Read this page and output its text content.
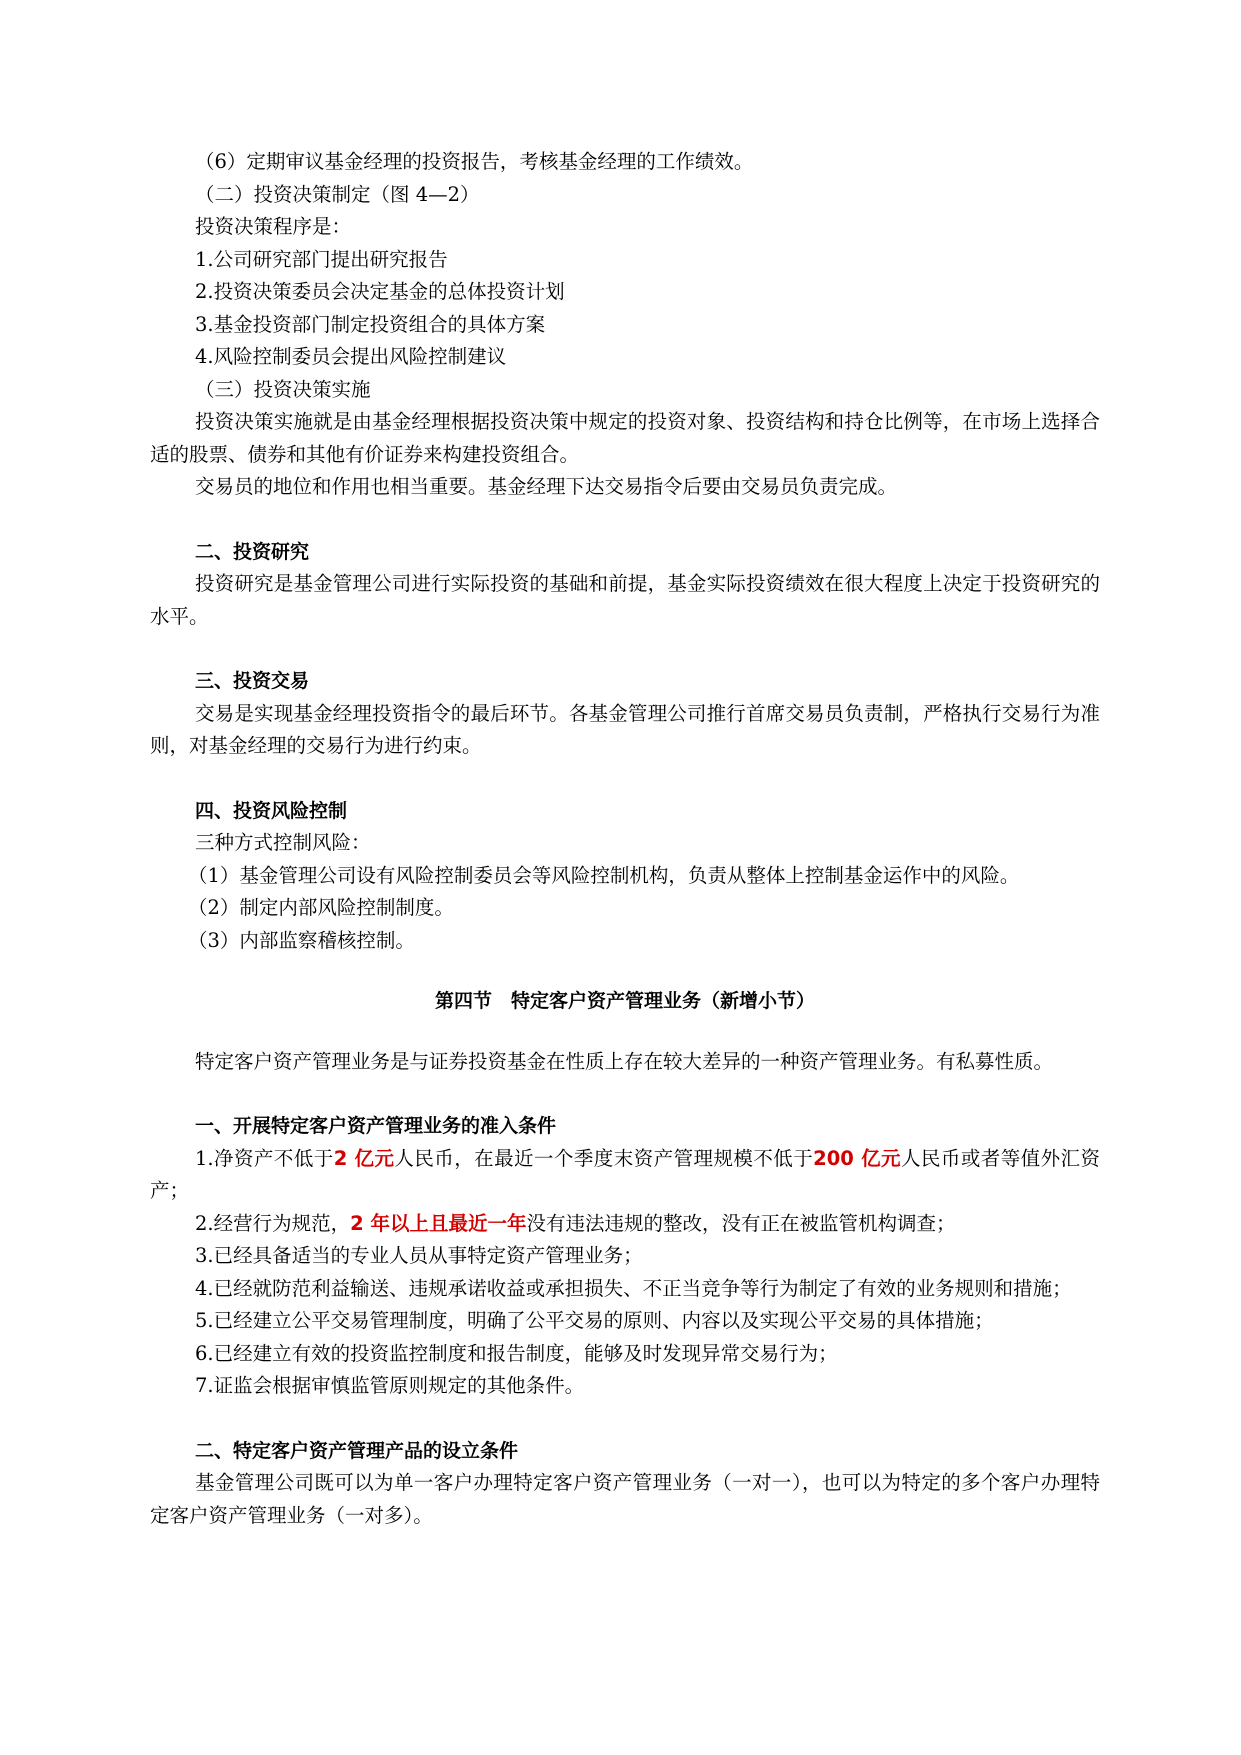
（6）定期审议基金经理的投资报告，考核基金经理的工作绩效。

（二）投资决策制定（图 4—2）

投资决策程序是：

1.公司研究部门提出研究报告

2.投资决策委员会决定基金的总体投资计划

3.基金投资部门制定投资组合的具体方案

4.风险控制委员会提出风险控制建议

（三）投资决策实施

投资决策实施就是由基金经理根据投资决策中规定的投资对象、投资结构和持仓比例等，在市场上选择合适的股票、债券和其他有价证券来构建投资组合。

交易员的地位和作用也相当重要。基金经理下达交易指令后要由交易员负责完成。

二、投资研究

投资研究是基金管理公司进行实际投资的基础和前提，基金实际投资绩效在很大程度上决定于投资研究的水平。

三、投资交易

交易是实现基金经理投资指令的最后环节。各基金管理公司推行首席交易员负责制，严格执行交易行为准则，对基金经理的交易行为进行约束。

四、投资风险控制

三种方式控制风险：

（1）基金管理公司设有风险控制委员会等风险控制机构，负责从整体上控制基金运作中的风险。

（2）制定内部风险控制制度。

（3）内部监察稽核控制。

第四节　特定客户资产管理业务（新增小节）

特定客户资产管理业务是与证券投资基金在性质上存在较大差异的一种资产管理业务。有私募性质。

一、开展特定客户资产管理业务的准入条件

1.净资产不低于2 亿元人民币，在最近一个季度末资产管理规模不低于200 亿元人民币或者等值外汇资产；

2.经营行为规范，2 年以上且最近一年没有违法违规的整改，没有正在被监管机构调查；

3.已经具备适当的专业人员从事特定资产管理业务；

4.已经就防范利益输送、违规承诺收益或承担损失、不正当竞争等行为制定了有效的业务规则和措施；

5.已经建立公平交易管理制度，明确了公平交易的原则、内容以及实现公平交易的具体措施；

6.已经建立有效的投资监控制度和报告制度，能够及时发现异常交易行为；

7.证监会根据审慎监管原则规定的其他条件。

二、特定客户资产管理产品的设立条件

基金管理公司既可以为单一客户办理特定客户资产管理业务（一对一），也可以为特定的多个客户办理特定客户资产管理业务（一对多）。
